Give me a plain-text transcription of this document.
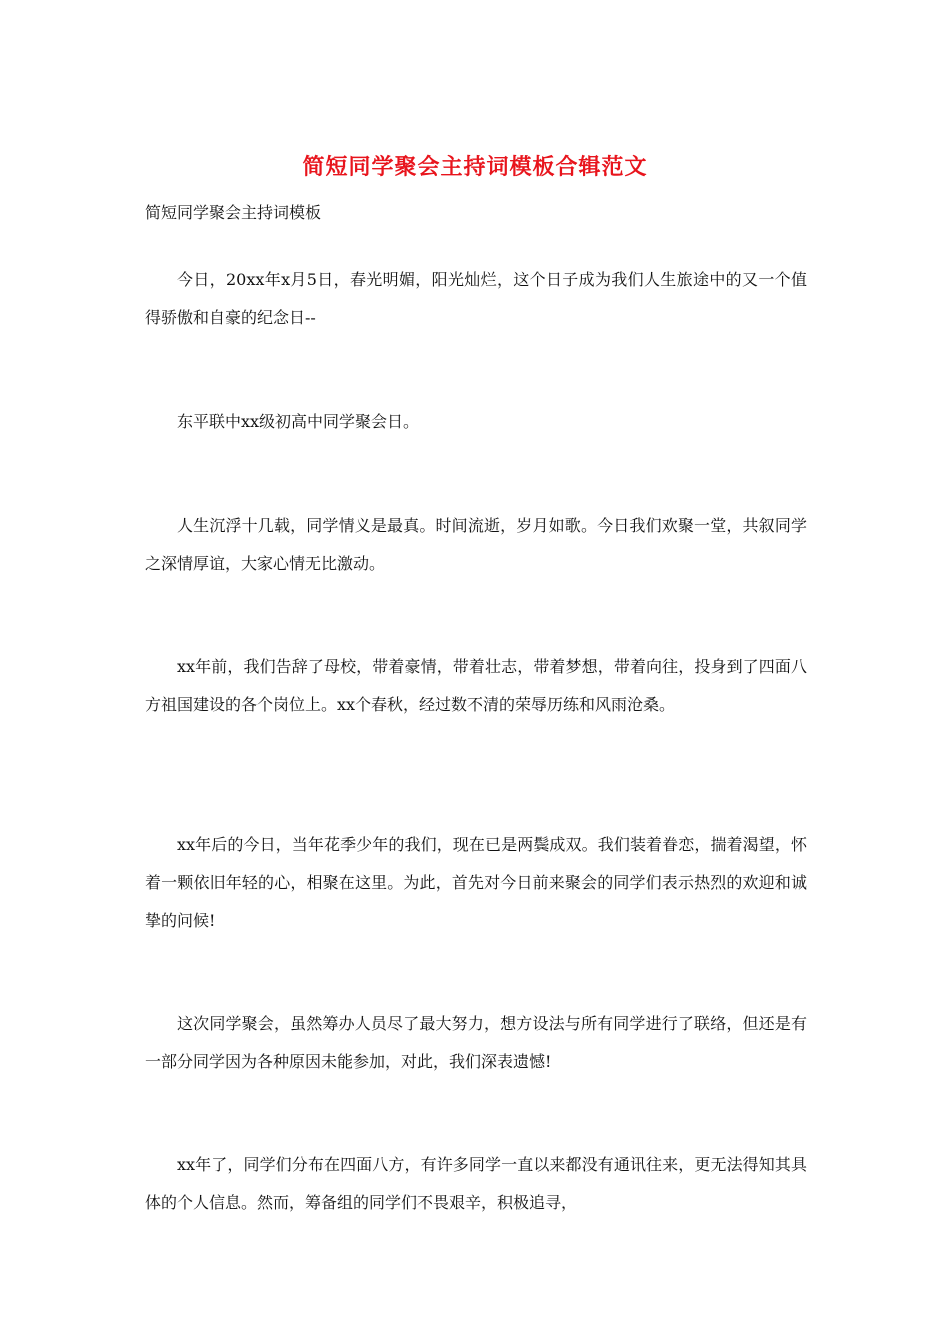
简短同学聚会主持词模板合辑范文
简短同学聚会主持词模板

今日，20xx年x月5日，春光明媚，阳光灿烂，这个日子成为我们人生旅途中的又一个值得骄傲和自豪的纪念日--

东平联中xx级初高中同学聚会日。

人生沉浮十几载，同学情义是最真。时间流逝，岁月如歌。今日我们欢聚一堂，共叙同学之深情厚谊，大家心情无比激动。

xx年前，我们告辞了母校，带着豪情，带着壮志，带着梦想，带着向往，投身到了四面八方祖国建设的各个岗位上。xx个春秋，经过数不清的荣辱历练和风雨沧桑。

xx年后的今日，当年花季少年的我们，现在已是两鬓成双。我们装着眷恋，揣着渴望，怀着一颗依旧年轻的心，相聚在这里。为此，首先对今日前来聚会的同学们表示热烈的欢迎和诚挚的问候!

这次同学聚会，虽然筹办人员尽了最大努力，想方设法与所有同学进行了联络，但还是有一部分同学因为各种原因未能参加，对此，我们深表遗憾!

xx年了，同学们分布在四面八方，有许多同学一直以来都没有通讯往来，更无法得知其具体的个人信息。然而，筹备组的同学们不畏艰辛，积极追寻，
